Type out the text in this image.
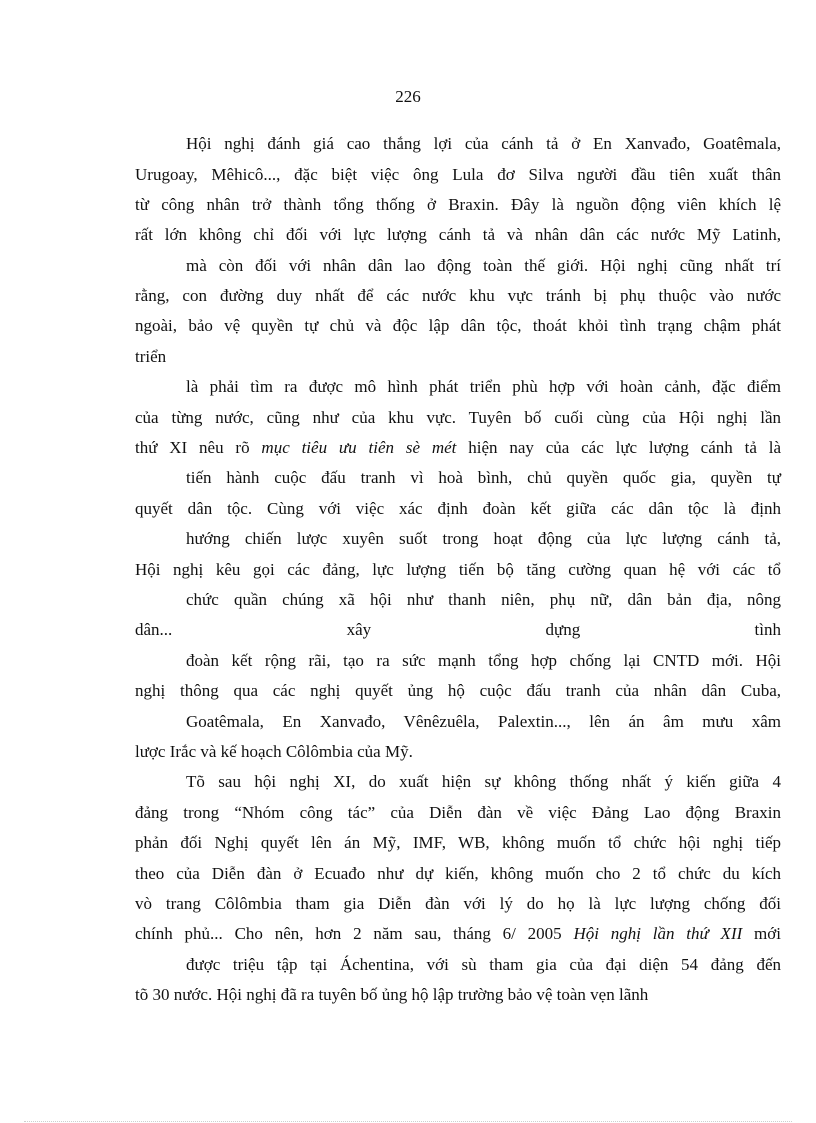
226
Hội nghị đánh giá cao thắng lợi của cánh tả ở En Xanvađo, Goatêmala,
Urugoay, Mêhicô..., đặc biệt việc ông Lula đơ Silva người đầu tiên xuất thân
từ công nhân trở thành tổng thống ở Braxin. Đây là nguồn động viên khích lệ
rất lớn không chỉ đối với lực lượng cánh tả và nhân dân các nước Mỹ Latinh,
mà còn đối với nhân dân lao động toàn thế giới. Hội nghị cũng nhất trí
rằng, con đường duy nhất để các nước khu vực tránh bị phụ thuộc vào nước
ngoài, bảo vệ quyền tự chủ và độc lập dân tộc, thoát khỏi tình trạng chậm phát
triển
là phải tìm ra được mô hình phát triển phù hợp với hoàn cảnh, đặc điểm
của từng nước, cũng như của khu vực. Tuyên bố cuối cùng của Hội nghị lần
thứ XI nêu rõ mục tiêu ưu tiên sè mét hiện nay của các lực lượng cánh tả là
tiến hành cuộc đấu tranh vì hoà bình, chủ quyền quốc gia, quyền tự
quyết dân tộc. Cùng với việc xác định đoàn kết giữa các dân tộc là định
hướng chiến lược xuyên suốt trong hoạt động của lực lượng cánh tả,
Hội nghị kêu gọi các đảng, lực lượng tiến bộ tăng cường quan hệ với các tổ
chức quần chúng xã hội như thanh niên, phụ nữ, dân bản địa, nông
dân...	xây	dựng	tình
đoàn kết rộng rãi, tạo ra sức mạnh tổng hợp chống lại CNTD mới. Hội
nghị thông qua các nghị quyết ủng hộ cuộc đấu tranh của nhân dân Cuba,
Goatêmala, En Xanvađo, Vênêzuêla, Palextin..., lên án âm mưu xâm
lược Irắc và kế hoạch Côlômbia của Mỹ.
Tõ sau hội nghị XI, do xuất hiện sự không thống nhất ý kiến giữa 4
đảng trong “Nhóm công tác” của Diễn đàn về việc Đảng Lao động Braxin
phản đối Nghị quyết lên án Mỹ, IMF, WB, không muốn tổ chức hội nghị tiếp
theo của Diễn đàn ở Ecuađo như dự kiến, không muốn cho 2 tổ chức du kích
vò trang Côlômbia tham gia Diễn đàn với lý do họ là lực lượng chống đối
chính phủ... Cho nên, hơn 2 năm sau, tháng 6/ 2005 Hội nghị lần thứ XII mới
được triệu tập tại Áchentina, với sù tham gia của đại diện 54 đảng đến
tõ 30 nước. Hội nghị đã ra tuyên bố ủng hộ lập trường bảo vệ toàn vẹn lãnh
